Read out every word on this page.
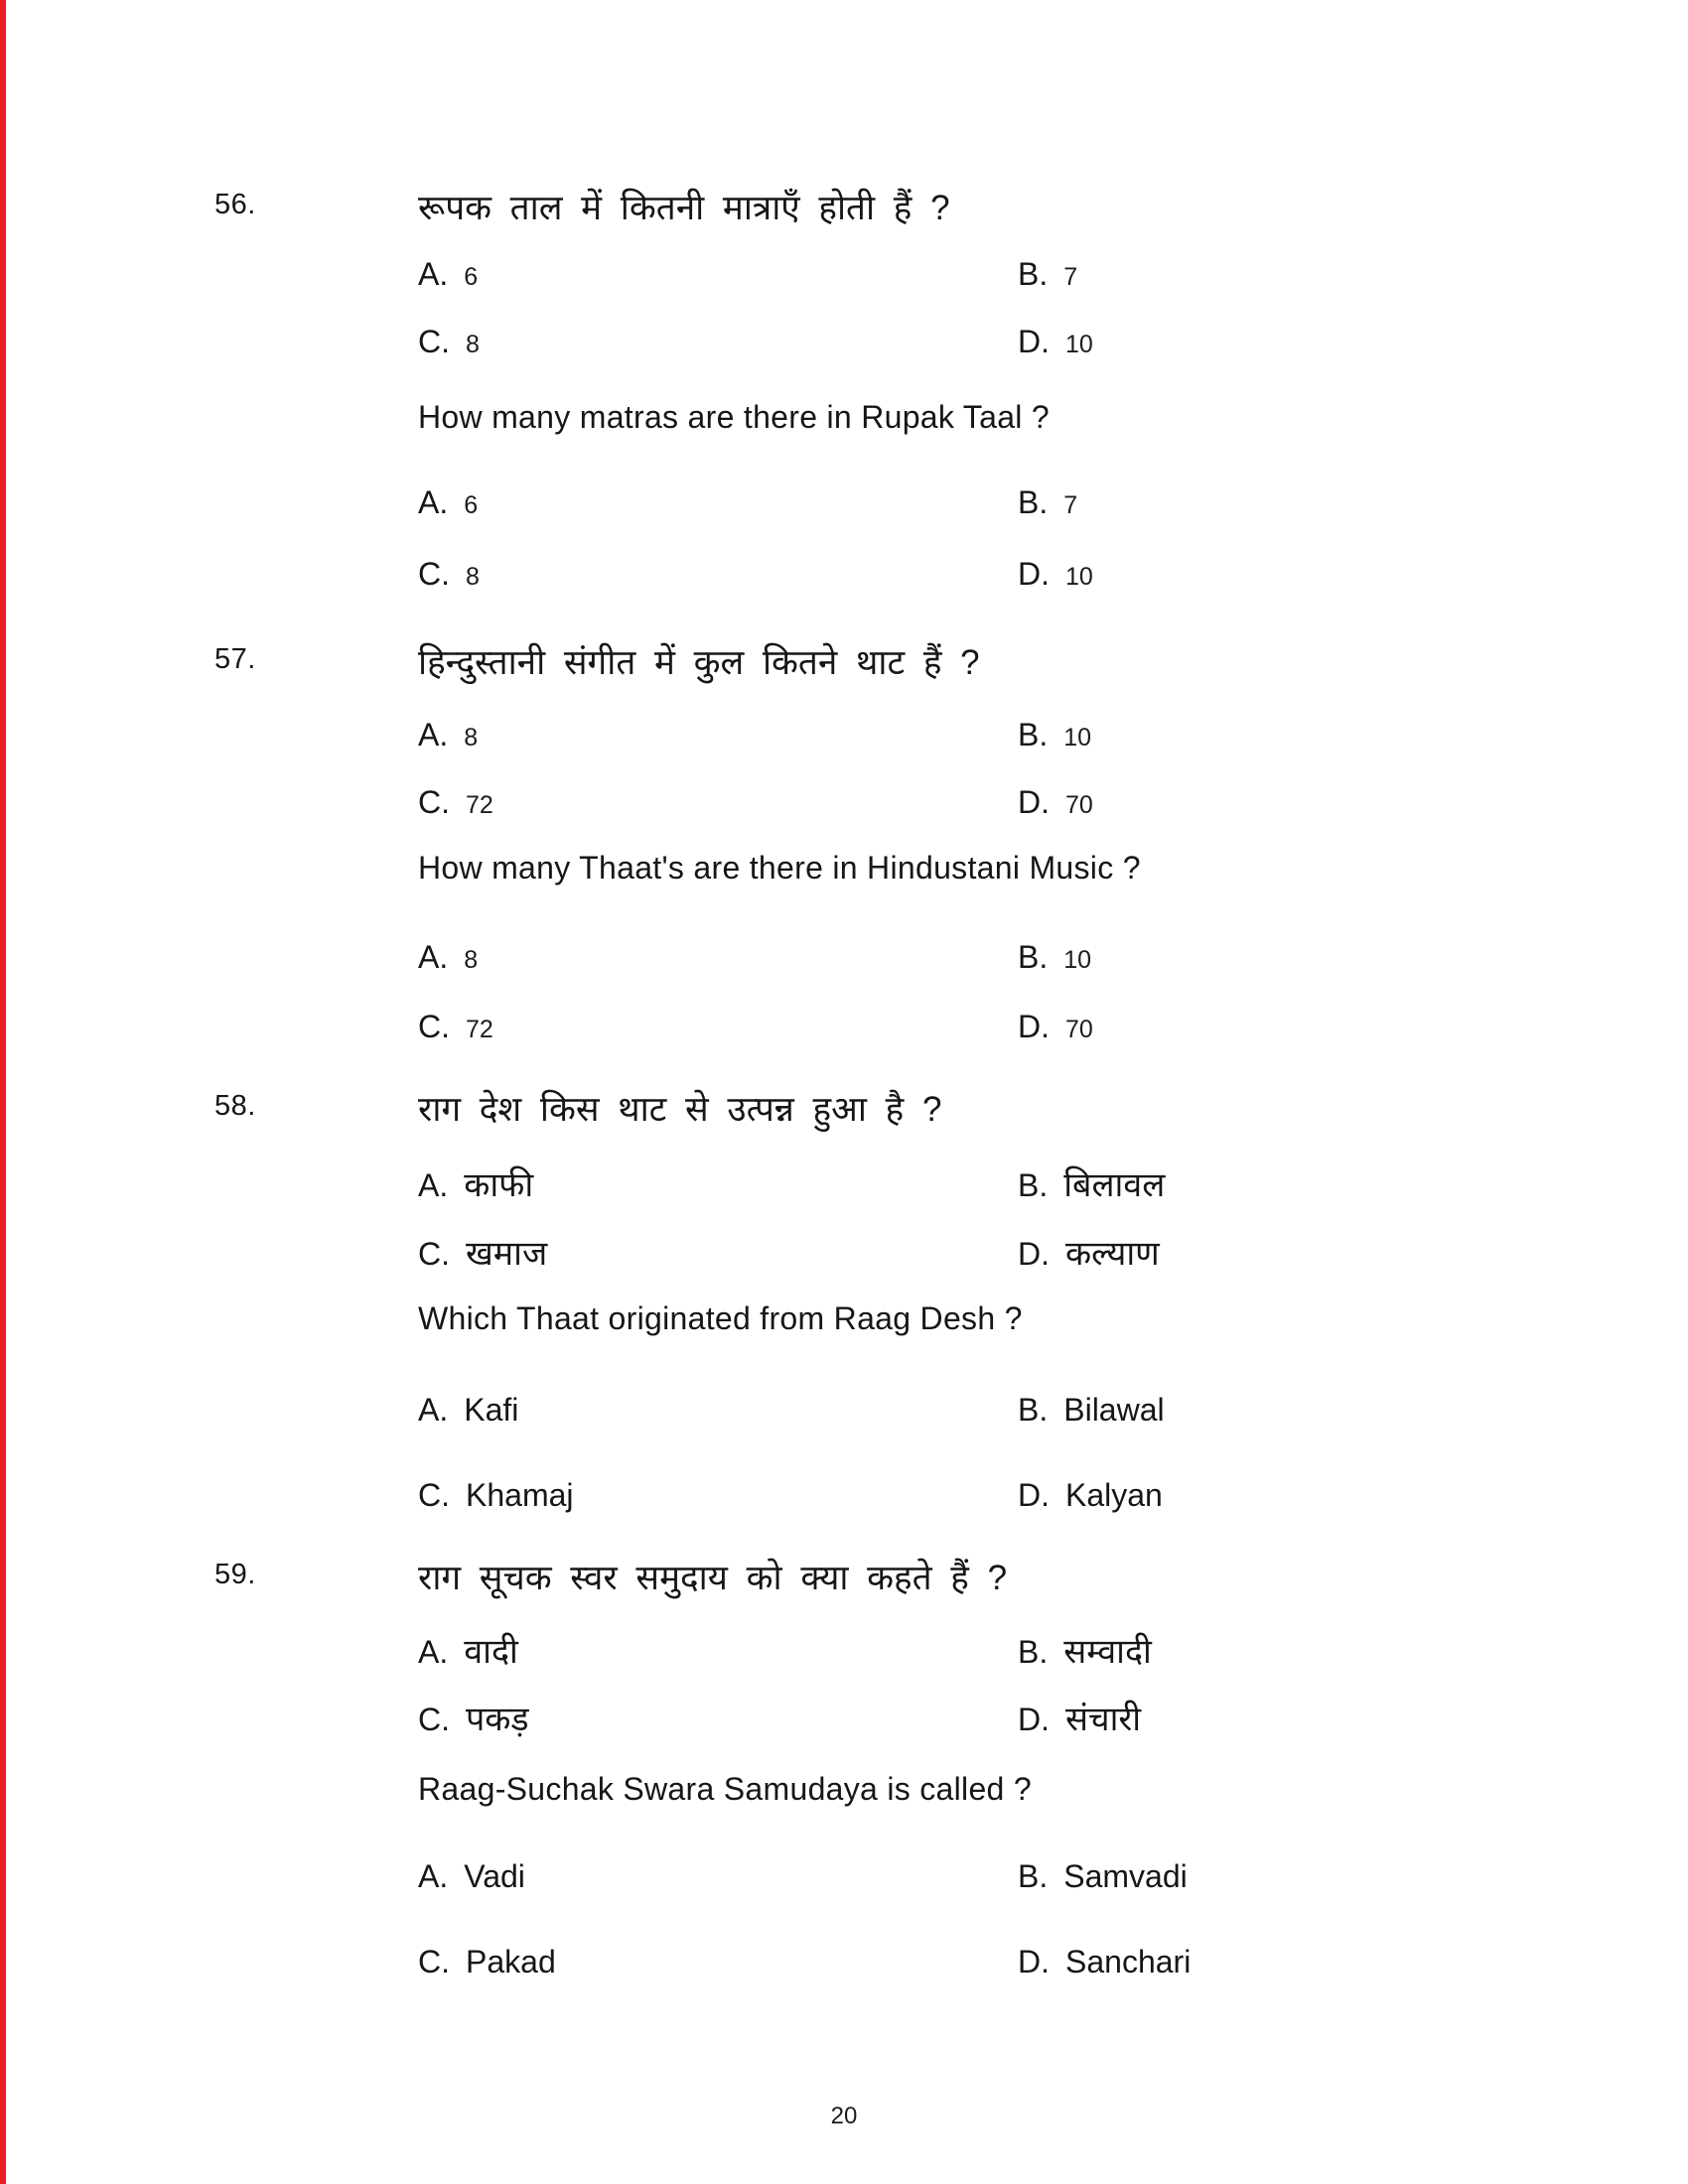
56.	रूपक ताल में कितनी मात्राएँ होती हैं ?
A. 6	B. 7
C. 8	D. 10
How many matras are there in Rupak Taal ?
A. 6	B. 7
C. 8	D. 10
57.	हिन्दुस्तानी संगीत में कुल कितने थाट हैं ?
A. 8	B. 10
C. 72	D. 70
How many Thaat's are there in Hindustani Music ?
A. 8	B. 10
C. 72	D. 70
58.	राग देश किस थाट से उत्पन्न हुआ है ?
A. काफी	B. बिलावल
C. खमाज	D. कल्याण
Which Thaat originated from Raag Desh ?
A. Kafi	B. Bilawal
C. Khamaj	D. Kalyan
59.	राग सूचक स्वर समुदाय को क्या कहते हैं ?
A. वादी	B. सम्वादी
C. पकड़	D. संचारी
Raag-Suchak Swara Samudaya is called ?
A. Vadi	B. Samvadi
C. Pakad	D. Sanchari
20
